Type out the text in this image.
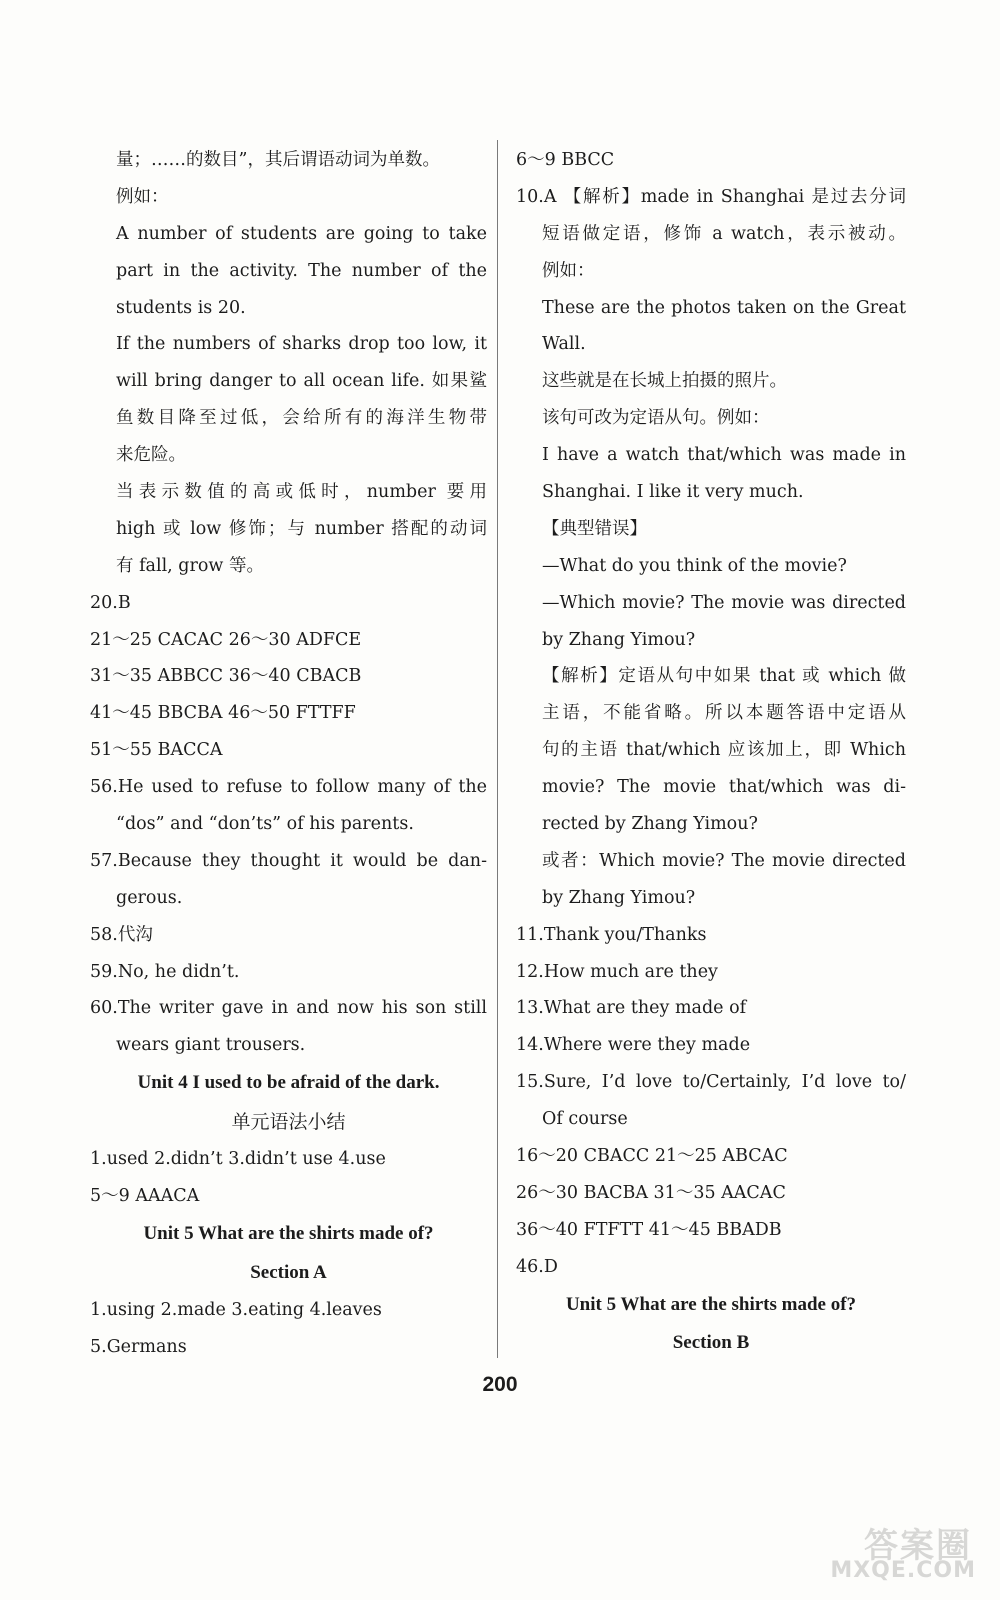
量；……的数目”，其后谓语动词为单数。
例如：
A number of students are going to take
part in the activity. The number of the
students is 20.
If the numbers of sharks drop too low, it
will bring danger to all ocean life. 如果鲨
鱼数目降至过低，会给所有的海洋生物带
来危险。
当表示数值的高或低时，number 要用
high 或 low 修饰；与 number 搭配的动词
有 fall, grow 等。
20.B
21～25 CACAC 26～30 ADFCE
31～35 ABBCC 36～40 CBACB
41～45 BBCBA 46～50 FTTFF
51～55 BACCA
56.He used to refuse to follow many of the
“dos” and “don’ts” of his parents.
57.Because they thought it would be dan-
gerous.
58.代沟
59.No, he didn’t.
60.The writer gave in and now his son still
wears giant trousers.
Unit 4 I used to be afraid of the dark.
单元语法小结
1.used 2.didn’t 3.didn’t use 4.use
5～9 AAACA
Unit 5 What are the shirts made of?
Section A
1.using 2.made 3.eating 4.leaves
5.Germans
6～9 BBCC
10.A 【解析】made in Shanghai 是过去分词
短语做定语，修饰 a watch，表示被动。
例如：
These are the photos taken on the Great
Wall.
这些就是在长城上拍摄的照片。
该句可改为定语从句。例如：
I have a watch that/which was made in
Shanghai. I like it very much.
【典型错误】
—What do you think of the movie?
—Which movie? The movie was directed
by Zhang Yimou?
【解析】定语从句中如果 that 或 which 做
主语，不能省略。所以本题答语中定语从
句的主语 that/which 应该加上，即 Which
movie? The movie that/which was di-
rected by Zhang Yimou?
或者：Which movie? The movie directed
by Zhang Yimou?
11.Thank you/Thanks
12.How much are they
13.What are they made of
14.Where were they made
15.Sure, I’d love to/Certainly, I’d love to/
Of course
16～20 CBACC 21～25 ABCAC
26～30 BACBA 31～35 AACAC
36～40 FTFTT 41～45 BBADB
46.D
Unit 5 What are the shirts made of?
Section B
200
答案圈
MXQE.COM
